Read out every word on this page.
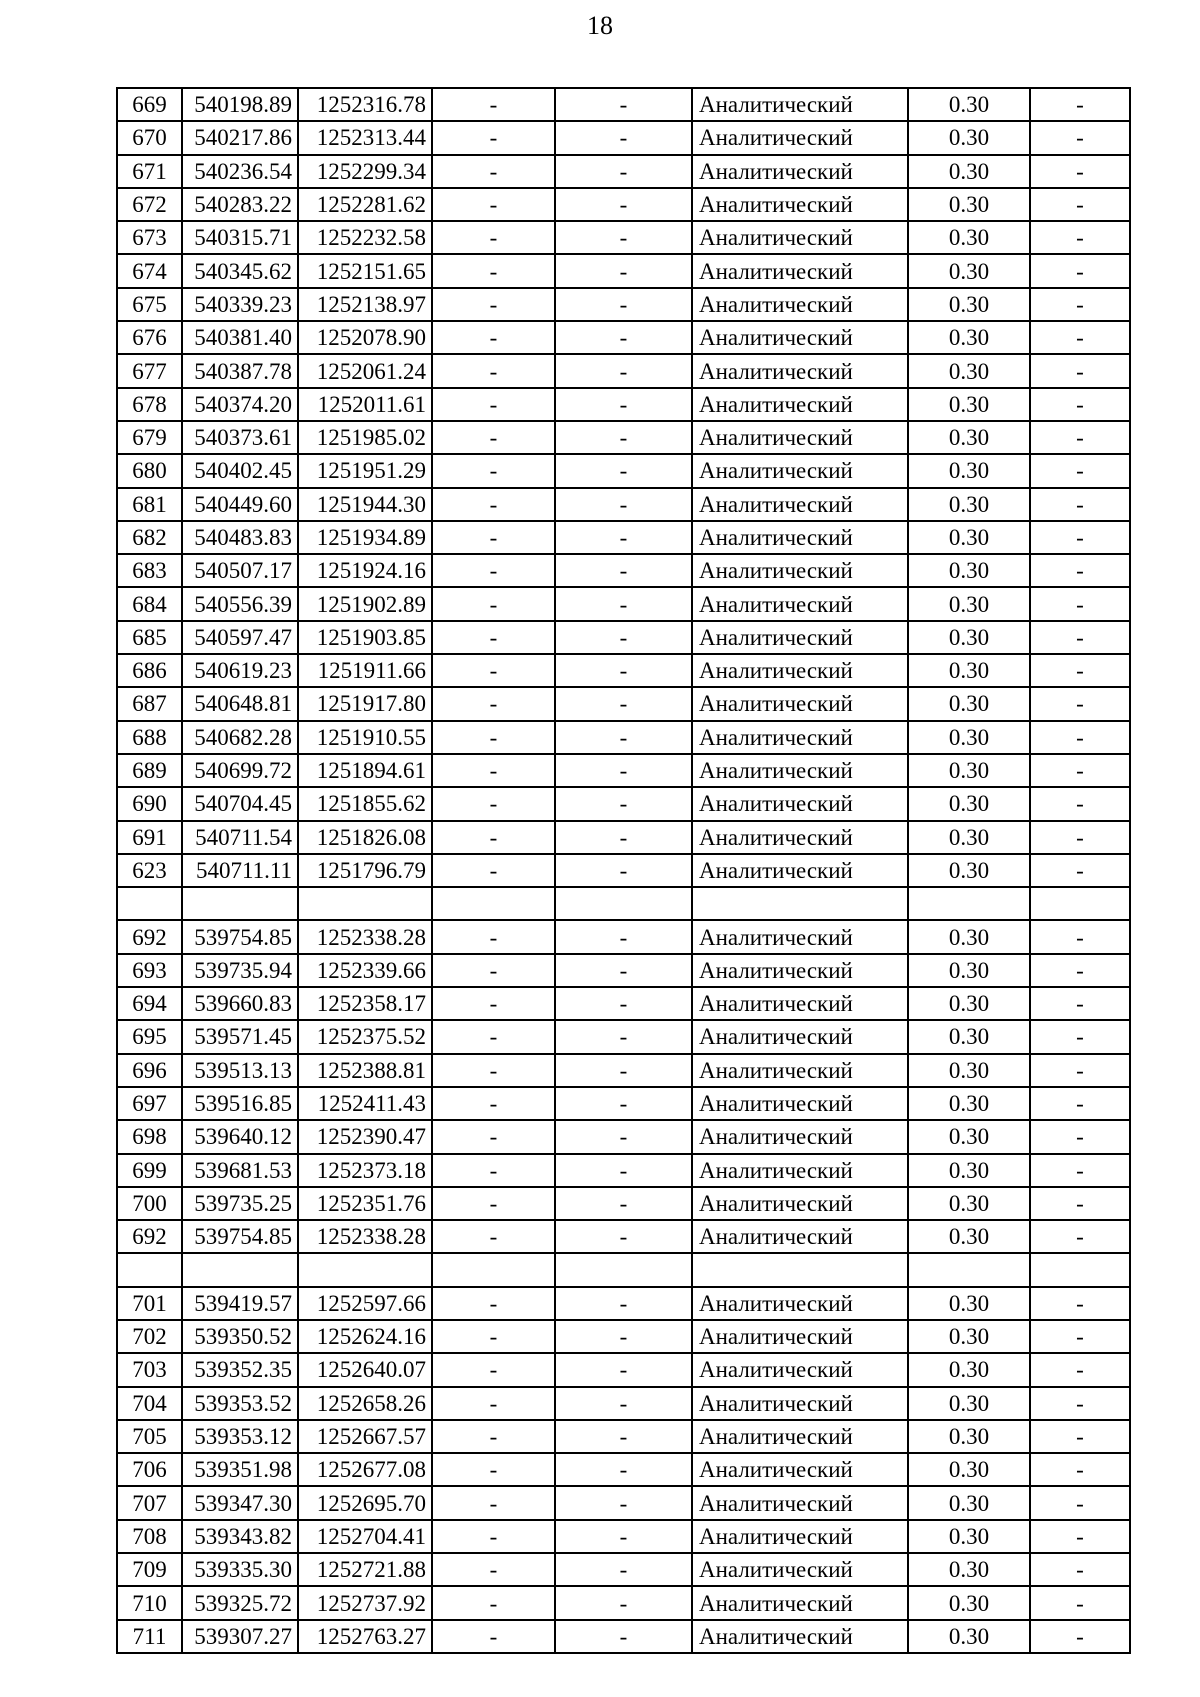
18
669	540198.89	1252316.78	-	-	Аналитический	0.30	-
670	540217.86	1252313.44	-	-	Аналитический	0.30	-
671	540236.54	1252299.34	-	-	Аналитический	0.30	-
672	540283.22	1252281.62	-	-	Аналитический	0.30	-
673	540315.71	1252232.58	-	-	Аналитический	0.30	-
674	540345.62	1252151.65	-	-	Аналитический	0.30	-
675	540339.23	1252138.97	-	-	Аналитический	0.30	-
676	540381.40	1252078.90	-	-	Аналитический	0.30	-
677	540387.78	1252061.24	-	-	Аналитический	0.30	-
678	540374.20	1252011.61	-	-	Аналитический	0.30	-
679	540373.61	1251985.02	-	-	Аналитический	0.30	-
680	540402.45	1251951.29	-	-	Аналитический	0.30	-
681	540449.60	1251944.30	-	-	Аналитический	0.30	-
682	540483.83	1251934.89	-	-	Аналитический	0.30	-
683	540507.17	1251924.16	-	-	Аналитический	0.30	-
684	540556.39	1251902.89	-	-	Аналитический	0.30	-
685	540597.47	1251903.85	-	-	Аналитический	0.30	-
686	540619.23	1251911.66	-	-	Аналитический	0.30	-
687	540648.81	1251917.80	-	-	Аналитический	0.30	-
688	540682.28	1251910.55	-	-	Аналитический	0.30	-
689	540699.72	1251894.61	-	-	Аналитический	0.30	-
690	540704.45	1251855.62	-	-	Аналитический	0.30	-
691	540711.54	1251826.08	-	-	Аналитический	0.30	-
623	540711.11	1251796.79	-	-	Аналитический	0.30	-

692	539754.85	1252338.28	-	-	Аналитический	0.30	-
693	539735.94	1252339.66	-	-	Аналитический	0.30	-
694	539660.83	1252358.17	-	-	Аналитический	0.30	-
695	539571.45	1252375.52	-	-	Аналитический	0.30	-
696	539513.13	1252388.81	-	-	Аналитический	0.30	-
697	539516.85	1252411.43	-	-	Аналитический	0.30	-
698	539640.12	1252390.47	-	-	Аналитический	0.30	-
699	539681.53	1252373.18	-	-	Аналитический	0.30	-
700	539735.25	1252351.76	-	-	Аналитический	0.30	-
692	539754.85	1252338.28	-	-	Аналитический	0.30	-

701	539419.57	1252597.66	-	-	Аналитический	0.30	-
702	539350.52	1252624.16	-	-	Аналитический	0.30	-
703	539352.35	1252640.07	-	-	Аналитический	0.30	-
704	539353.52	1252658.26	-	-	Аналитический	0.30	-
705	539353.12	1252667.57	-	-	Аналитический	0.30	-
706	539351.98	1252677.08	-	-	Аналитический	0.30	-
707	539347.30	1252695.70	-	-	Аналитический	0.30	-
708	539343.82	1252704.41	-	-	Аналитический	0.30	-
709	539335.30	1252721.88	-	-	Аналитический	0.30	-
710	539325.72	1252737.92	-	-	Аналитический	0.30	-
711	539307.27	1252763.27	-	-	Аналитический	0.30	-
